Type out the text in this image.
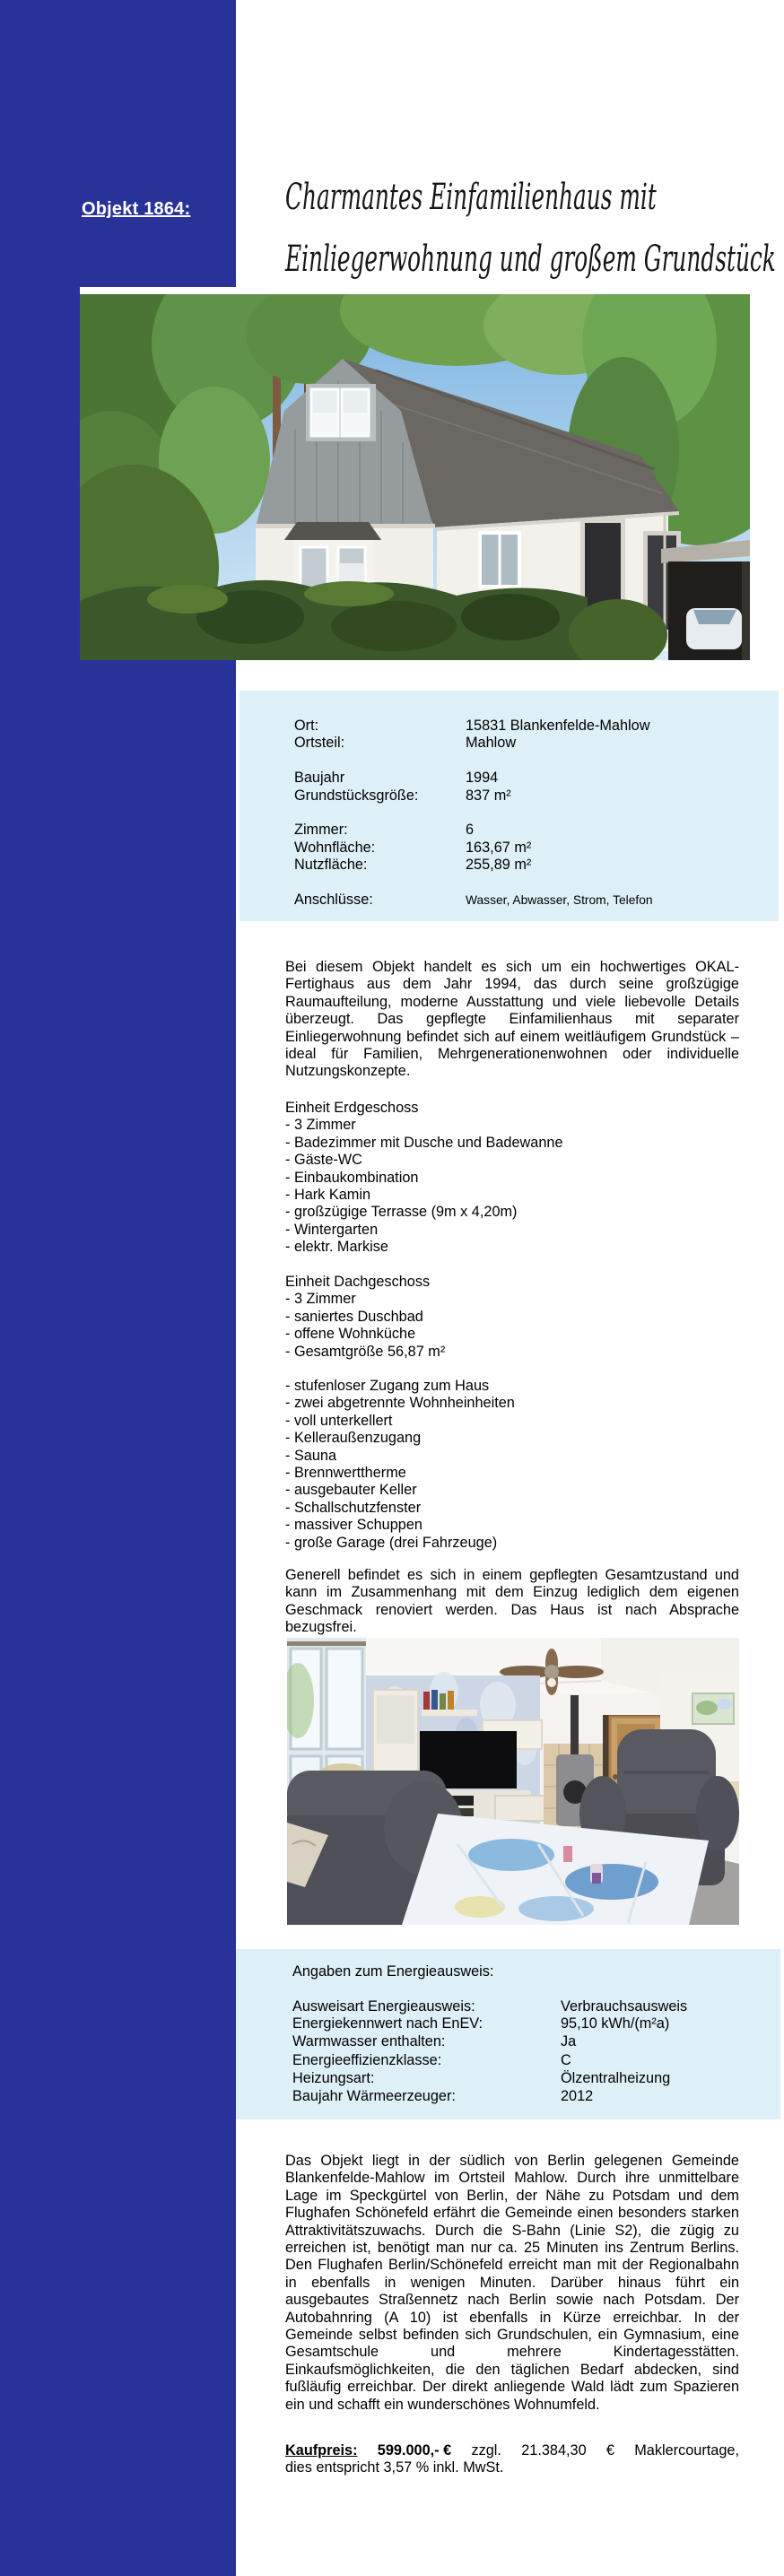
Objekt 1864:	Charmantes Einfamilienhaus mit
Einliegerwohnung und großem Grundstück
Ort:	15831 Blankenfelde-Mahlow
Ortsteil:	Mahlow
Baujahr	1994
Grundstücksgröße:	837 m²
Zimmer:	6
Wohnfläche:	163,67 m²
Nutzfläche:	255,89 m²
Anschlüsse:	Wasser, Abwasser, Strom, Telefon
Bei diesem Objekt handelt es sich um ein hochwertiges OKAL-Fertighaus aus dem Jahr 1994, das durch seine großzügige Raumaufteilung, moderne Ausstattung und viele liebevolle Details überzeugt. Das gepflegte Einfamilienhaus mit separater Einliegerwohnung befindet sich auf einem weitläufigem Grundstück – ideal für Familien, Mehrgenerationenwohnen oder individuelle Nutzungskonzepte.
Einheit Erdgeschoss
- 3 Zimmer
- Badezimmer mit Dusche und Badewanne
- Gäste-WC
- Einbaukombination
- Hark Kamin
- großzügige Terrasse (9m x 4,20m)
- Wintergarten
- elektr. Markise
Einheit Dachgeschoss
- 3 Zimmer
- saniertes Duschbad
- offene Wohnküche
- Gesamtgröße 56,87 m²
- stufenloser Zugang zum Haus
- zwei abgetrennte Wohnheinheiten
- voll unterkellert
- Kelleraußenzugang
- Sauna
- Brennwerttherme
- ausgebauter Keller
- Schallschutzfenster
- massiver Schuppen
- große Garage (drei Fahrzeuge)
Generell befindet es sich in einem gepflegten Gesamtzustand und kann im Zusammenhang mit dem Einzug lediglich dem eigenen Geschmack renoviert werden. Das Haus ist nach Absprache bezugsfrei.
Angaben zum Energieausweis:
Ausweisart Energieausweis:	Verbrauchsausweis
Energiekennwert nach EnEV:	95,10 kWh/(m²a)
Warmwasser enthalten:	Ja
Energieeffizienzklasse:	C
Heizungsart:	Ölzentralheizung
Baujahr Wärmeerzeuger:	2012
Das Objekt liegt in der südlich von Berlin gelegenen Gemeinde Blankenfelde-Mahlow im Ortsteil Mahlow. Durch ihre unmittelbare Lage im Speckgürtel von Berlin, der Nähe zu Potsdam und dem Flughafen Schönefeld erfährt die Gemeinde einen besonders starken Attraktivitätszuwachs. Durch die S-Bahn (Linie S2), die zügig zu erreichen ist, benötigt man nur ca. 25 Minuten ins Zentrum Berlins. Den Flughafen Berlin/Schönefeld erreicht man mit der Regionalbahn in ebenfalls in wenigen Minuten. Darüber hinaus führt ein ausgebautes Straßennetz nach Berlin sowie nach Potsdam. Der Autobahnring (A 10) ist ebenfalls in Kürze erreichbar. In der Gemeinde selbst befinden sich Grundschulen, ein Gymnasium, eine Gesamtschule und mehrere Kindertagesstätten. Einkaufsmöglichkeiten, die den täglichen Bedarf abdecken, sind fußläufig erreichbar. Der direkt anliegende Wald lädt zum Spazieren ein und schafft ein wunderschönes Wohnumfeld.
Kaufpreis: 599.000,- € zzgl. 21.384,30 € Maklercourtage,
dies entspricht 3,57 % inkl. MwSt.
